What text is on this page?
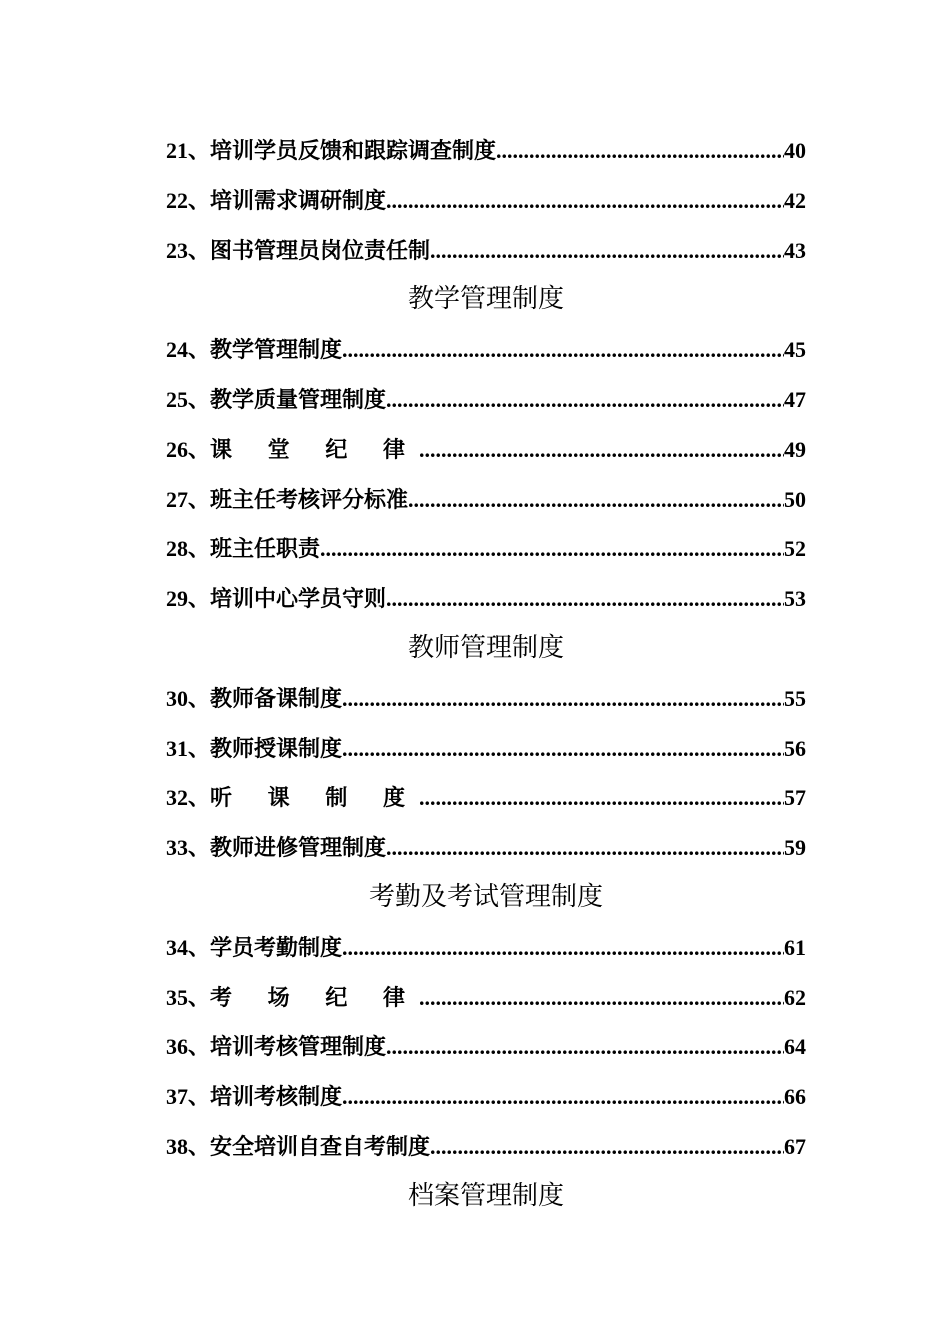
21 、 培训学员反馈和跟踪调查制度 .....	40
22 、 培训需求调研制度 .....	42
23 、 图书管理员岗位责任制 .....	43
教学管理制度
24 、 教学管理制度 .....	45
25 、 教学质量管理制度 .....	47
26 、 课 堂 纪 律 .....	49
27 、 班主任考核评分标准 .....	50
28 、 班主任职责 .....	52
29 、 培训中心学员守则 .....	53
教师管理制度
30 、 教师备课制度 .....	55
31 、 教师授课制度 .....	56
32 、 听 课 制 度 .....	57
33 、 教师进修管理制度 .....	59
考勤及考试管理制度
34 、 学员考勤制度 .....	61
35 、 考 场 纪 律 .....	62
36 、 培训考核管理制度 .....	64
37 、 培训考核制度 .....	66
38 、 安全培训自查自考制度 .....	67
档案管理制度
